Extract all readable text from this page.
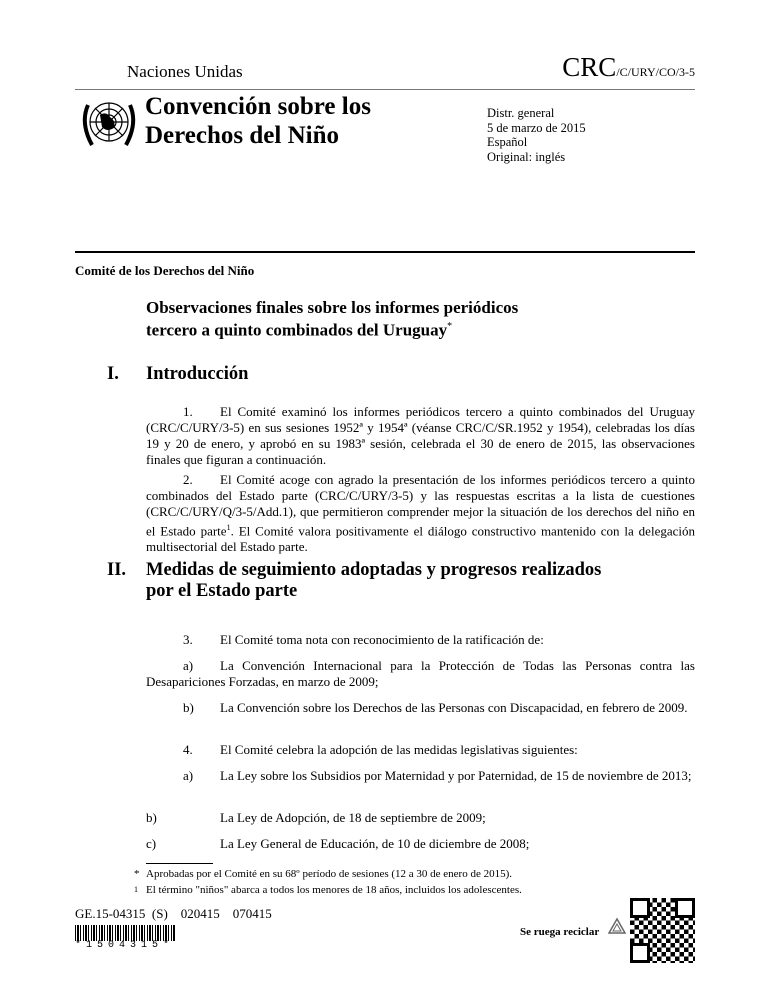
Naciones Unidas	CRC/C/URY/CO/3-5
Convención sobre los
Derechos del Niño
Distr. general
5 de marzo de 2015
Español
Original: inglés
Comité de los Derechos del Niño
Observaciones finales sobre los informes periódicos
tercero a quinto combinados del Uruguay*
I. Introducción
1. El Comité examinó los informes periódicos tercero a quinto combinados del Uruguay (CRC/C/URY/3-5) en sus sesiones 1952ª y 1954ª (véanse CRC/C/SR.1952 y 1954), celebradas los días 19 y 20 de enero, y aprobó en su 1983ª sesión, celebrada el 30 de enero de 2015, las observaciones finales que figuran a continuación.
2. El Comité acoge con agrado la presentación de los informes periódicos tercero a quinto combinados del Estado parte (CRC/C/URY/3-5) y las respuestas escritas a la lista de cuestiones (CRC/C/URY/Q/3-5/Add.1), que permitieron comprender mejor la situación de los derechos del niño en el Estado parte$^1$. El Comité valora positivamente el diálogo constructivo mantenido con la delegación multisectorial del Estado parte.
II. Medidas de seguimiento adoptadas y progresos realizados
por el Estado parte
3. El Comité toma nota con reconocimiento de la ratificación de:
a) La Convención Internacional para la Protección de Todas las Personas contra las Desapariciones Forzadas, en marzo de 2009;
b) La Convención sobre los Derechos de las Personas con Discapacidad, en febrero de 2009.
4. El Comité celebra la adopción de las medidas legislativas siguientes:
a) La Ley sobre los Subsidios por Maternidad y por Paternidad, de 15 de noviembre de 2013;
b)	La Ley de Adopción, de 18 de septiembre de 2009;
c)	La Ley General de Educación, de 10 de diciembre de 2008;
* Aprobadas por el Comité en su 68º período de sesiones (12 a 30 de enero de 2015).
1 El término "niños" abarca a todos los menores de 18 años, incluidos los adolescentes.
GE.15-04315  (S)    020415    070415
*1504315*
Se ruega reciclar
